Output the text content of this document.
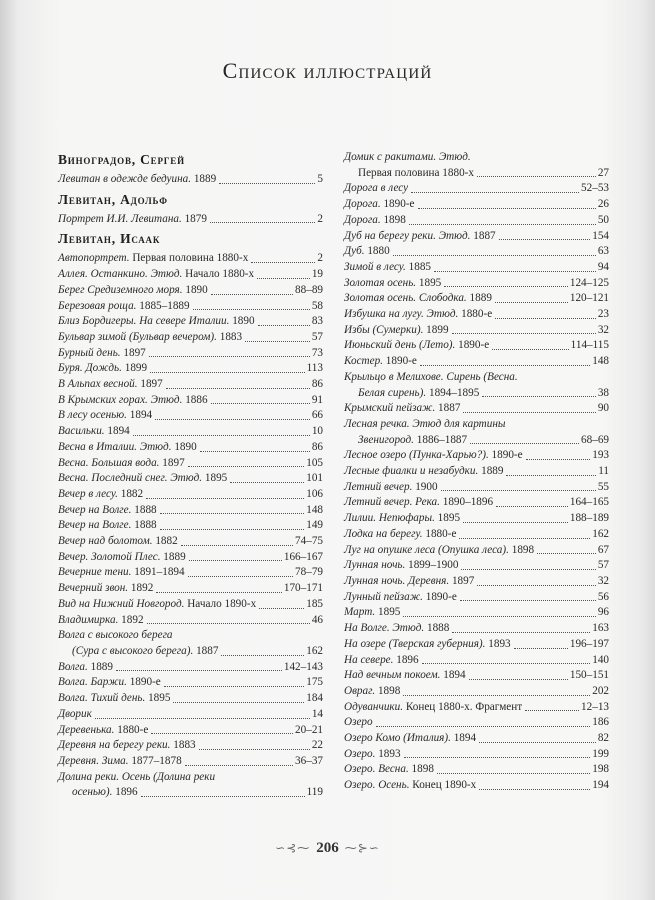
Список иллюстраций
Виноградов, Сергей
Левитан в одежде бедуина. 1889	5
Левитан, Адольф
Портрет И.И. Левитана. 1879	2
Левитан, Исаак
Автопортрет. Первая половина 1880-х	2
Аллея. Останкино. Этюд. Начало 1880-х	19
Берег Средиземного моря. 1890	88–89
Березовая роща. 1885–1889	58
Близ Бордигеры. На севере Италии. 1890	83
Бульвар зимой (Бульвар вечером). 1883	57
Бурный день. 1897	73
Буря. Дождь. 1899	113
В Альпах весной. 1897	86
В Крымских горах. Этюд. 1886	91
В лесу осенью. 1894	66
Васильки. 1894	10
Весна в Италии. Этюд. 1890	86
Весна. Большая вода. 1897	105
Весна. Последний снег. Этюд. 1895	101
Вечер в лесу. 1882	106
Вечер на Волге. 1888	148
Вечер на Волге. 1888	149
Вечер над болотом. 1882	74–75
Вечер. Золотой Плес. 1889	166–167
Вечерние тени. 1891–1894	78–79
Вечерний звон. 1892	170–171
Вид на Нижний Новгород. Начало 1890-х	185
Владимирка. 1892	46
Волга с высокого берега
(Сура с высокого берега). 1887	162
Волга. 1889	142–143
Волга. Баржи. 1890-е	175
Волга. Тихий день. 1895	184
Дворик	14
Деревенька. 1880-е	20–21
Деревня на берегу реки. 1883	22
Деревня. Зима. 1877–1878	36–37
Долина реки. Осень (Долина реки
осенью). 1896	119
Домик с ракитами. Этюд.
Первая половина 1880-х	27
Дорога в лесу	52–53
Дорога. 1890-е	26
Дорога. 1898	50
Дуб на берегу реки. Этюд. 1887	154
Дуб. 1880	63
Зимой в лесу. 1885	94
Золотая осень. 1895	124–125
Золотая осень. Слободка. 1889	120–121
Избушка на лугу. Этюд. 1880-е	23
Избы (Сумерки). 1899	32
Июньский день (Лето). 1890-е	114–115
Костер. 1890-е	148
Крыльцо в Мелихове. Сирень (Весна.
Белая сирень). 1894–1895	38
Крымский пейзаж. 1887	90
Лесная речка. Этюд для картины
Звенигород. 1886–1887	68–69
Лесное озеро (Пунка-Харью?). 1890-е	193
Лесные фиалки и незабудки. 1889	11
Летний вечер. 1900	55
Летний вечер. Река. 1890–1896	164–165
Лилии. Нenюфары. 1895	188–189
Лодка на берегу. 1880-е	162
Луг на опушке леса (Опушка леса). 1898	67
Лунная ночь. 1899–1900	57
Лунная ночь. Деревня. 1897	32
Лунный пейзаж. 1890-е	56
Март. 1895	96
На Волге. Этюд. 1888	163
На озере (Тверская губерния). 1893	196–197
На севере. 1896	140
Над вечным покоем. 1894	150–151
Овраг. 1898	202
Одуванчики. Конец 1880-х. Фрагмент	12–13
Озеро	186
Озеро Комо (Италия). 1894	82
Озеро. 1893	199
Озеро. Весна. 1898	198
Озеро. Осень. Конец 1890-х	194
∽⊰⁓ 206 ⁓⊱∽
